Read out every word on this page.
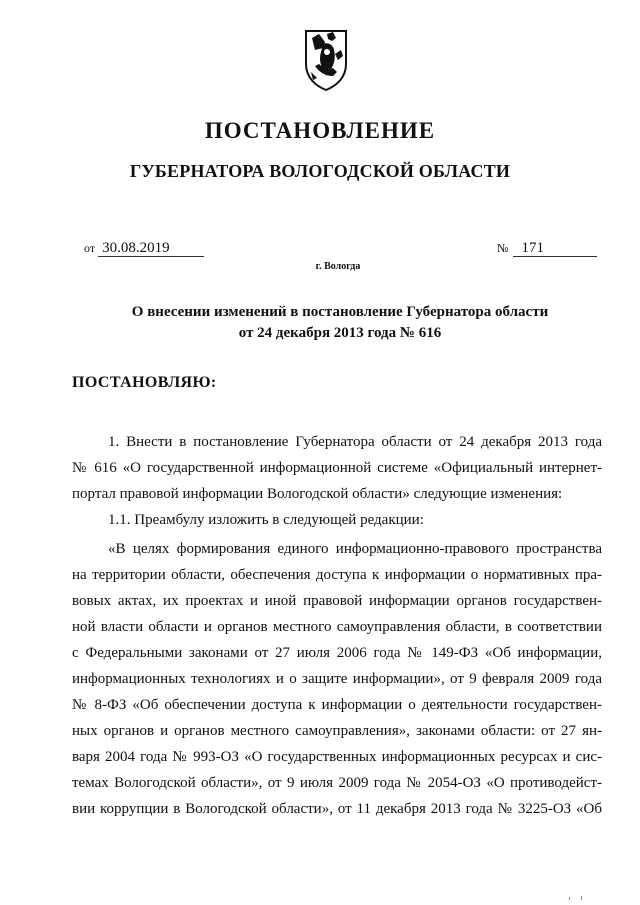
ПОСТАНОВЛЕНИЕ
ГУБЕРНАТОРА ВОЛОГОДСКОЙ ОБЛАСТИ
от 30.08.2019	№ 171
г. Вологда
О внесении изменений в постановление Губернатора области
от 24 декабря 2013 года № 616
ПОСТАНОВЛЯЮ:
1. Внести в постановление Губернатора области от 24 декабря 2013 года
№ 616 «О государственной информационной системе «Официальный интернет-
портал правовой информации Вологодской области» следующие изменения:
1.1. Преамбулу изложить в следующей редакции:
«В целях формирования единого информационно-правового пространства
на территории области, обеспечения доступа к информации о нормативных пра-
вовых актах, их проектах и иной правовой информации органов государствен-
ной власти области и органов местного самоуправления области, в соответствии
с Федеральными законами от 27 июля 2006 года № 149-ФЗ «Об информации,
информационных технологиях и о защите информации», от 9 февраля 2009 года
№ 8-ФЗ «Об обеспечении доступа к информации о деятельности государствен-
ных органов и органов местного самоуправления», законами области: от 27 ян-
варя 2004 года № 993-ОЗ «О государственных информационных ресурсах и сис-
темах Вологодской области», от 9 июля 2009 года № 2054-ОЗ «О противодейст-
вии коррупции в Вологодской области», от 11 декабря 2013 года № 3225-ОЗ «Об
